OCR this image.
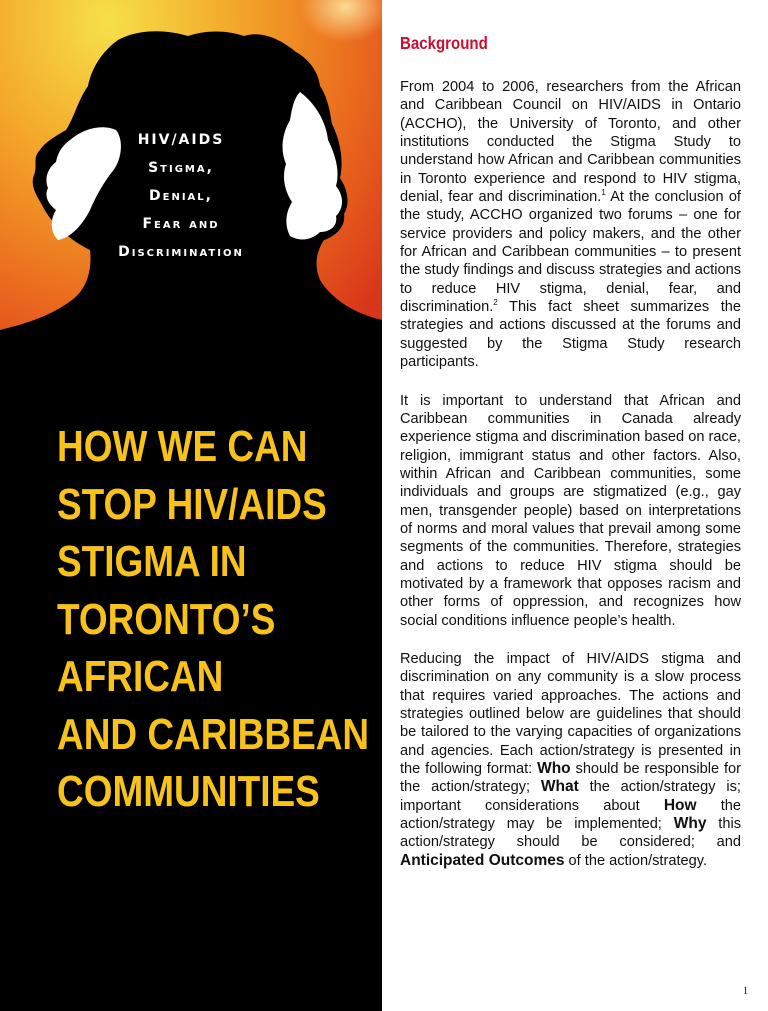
HIV/AIDS
Stigma,
Denial,
Fear and
Discrimination
HOW WE CAN
STOP HIV/AIDS
STIGMA IN
TORONTO’S
AFRICAN
AND CARIBBEAN
COMMUNITIES
Background

From 2004 to 2006, researchers from the African and Caribbean Council on HIV/AIDS in Ontario (ACCHO), the University of Toronto, and other institutions conducted the Stigma Study to understand how African and Caribbean communities in Toronto experience and respond to HIV stigma, denial, fear and discrimination.$^1$ At the conclusion of the study, ACCHO organized two forums – one for service providers and policy makers, and the other for African and Caribbean communities – to present the study findings and discuss strategies and actions to reduce HIV stigma, denial, fear, and discrimination.$^2$ This fact sheet summarizes the strategies and actions discussed at the forums and suggested by the Stigma Study research participants.

It is important to understand that African and Caribbean communities in Canada already experience stigma and discrimination based on race, religion, immigrant status and other factors. Also, within African and Caribbean communities, some individuals and groups are stigmatized (e.g., gay men, transgender people) based on interpretations of norms and moral values that prevail among some segments of the communities. Therefore, strategies and actions to reduce HIV stigma should be motivated by a framework that opposes racism and other forms of oppression, and recognizes how social conditions influence people’s health.

Reducing the impact of HIV/AIDS stigma and discrimination on any community is a slow process that requires varied approaches. The actions and strategies outlined below are guidelines that should be tailored to the varying capacities of organizations and agencies. Each action/strategy is presented in the following format: Who should be responsible for the action/strategy; What the action/strategy is; important considerations about How the action/strategy may be implemented; Why this action/strategy should be considered; and Anticipated Outcomes of the action/strategy.

1
